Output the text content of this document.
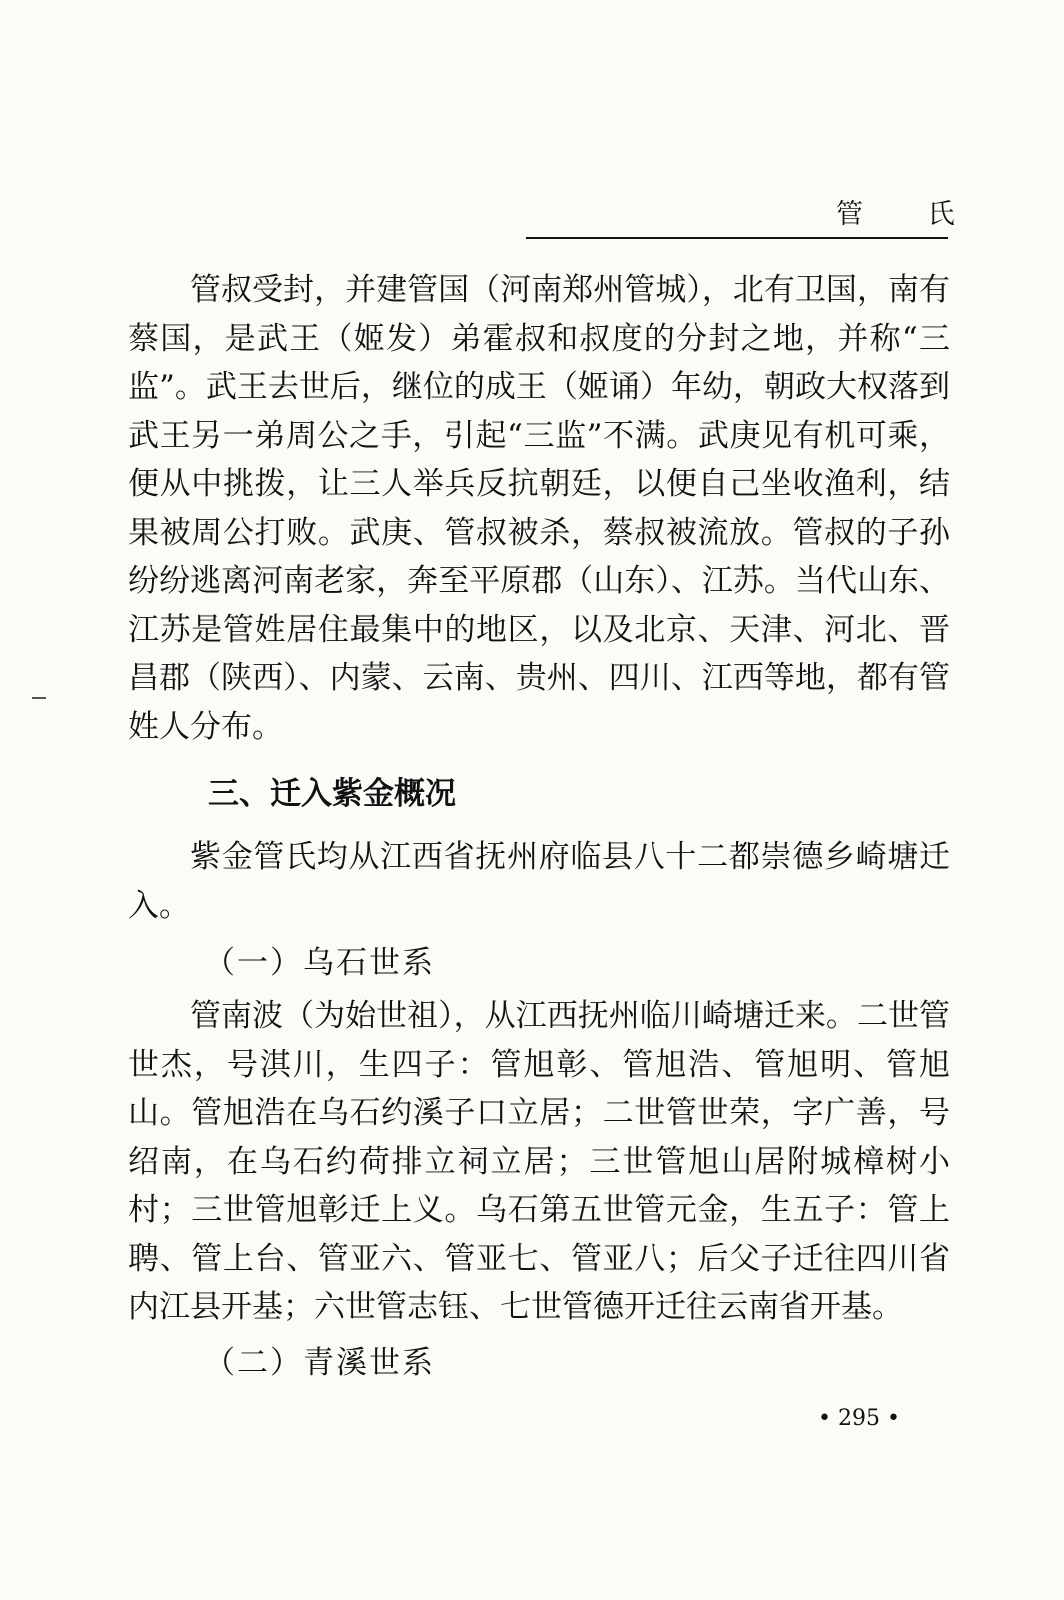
管 氏

管叔受封，并建管国（河南郑州管城），北有卫国，南有蔡国，是武王（姬发）弟霍叔和叔度的分封之地，并称“三监”。武王去世后，继位的成王（姬诵）年幼，朝政大权落到武王另一弟周公之手，引起“三监”不满。武庚见有机可乘，便从中挑拨，让三人举兵反抗朝廷，以便自己坐收渔利，结果被周公打败。武庚、管叔被杀，蔡叔被流放。管叔的子孙纷纷逃离河南老家，奔至平原郡（山东）、江苏。当代山东、江苏是管姓居住最集中的地区，以及北京、天津、河北、晋昌郡（陕西）、内蒙、云南、贵州、四川、江西等地，都有管姓人分布。

三、迁入紫金概况

紫金管氏均从江西省抚州府临县八十二都崇德乡崎塘迁入。

（一）乌石世系

管南波（为始世祖），从江西抚州临川崎塘迁来。二世管世杰，号淇川，生四子：管旭彰、管旭浩、管旭明、管旭山。管旭浩在乌石约溪子口立居；二世管世荣，字广善，号绍南，在乌石约荷排立祠立居；三世管旭山居附城樟树小村；三世管旭彰迁上义。乌石第五世管元金，生五子：管上聘、管上台、管亚六、管亚七、管亚八；后父子迁往四川省内江县开基；六世管志钰、七世管德开迁往云南省开基。

（二）青溪世系
• 295 •
